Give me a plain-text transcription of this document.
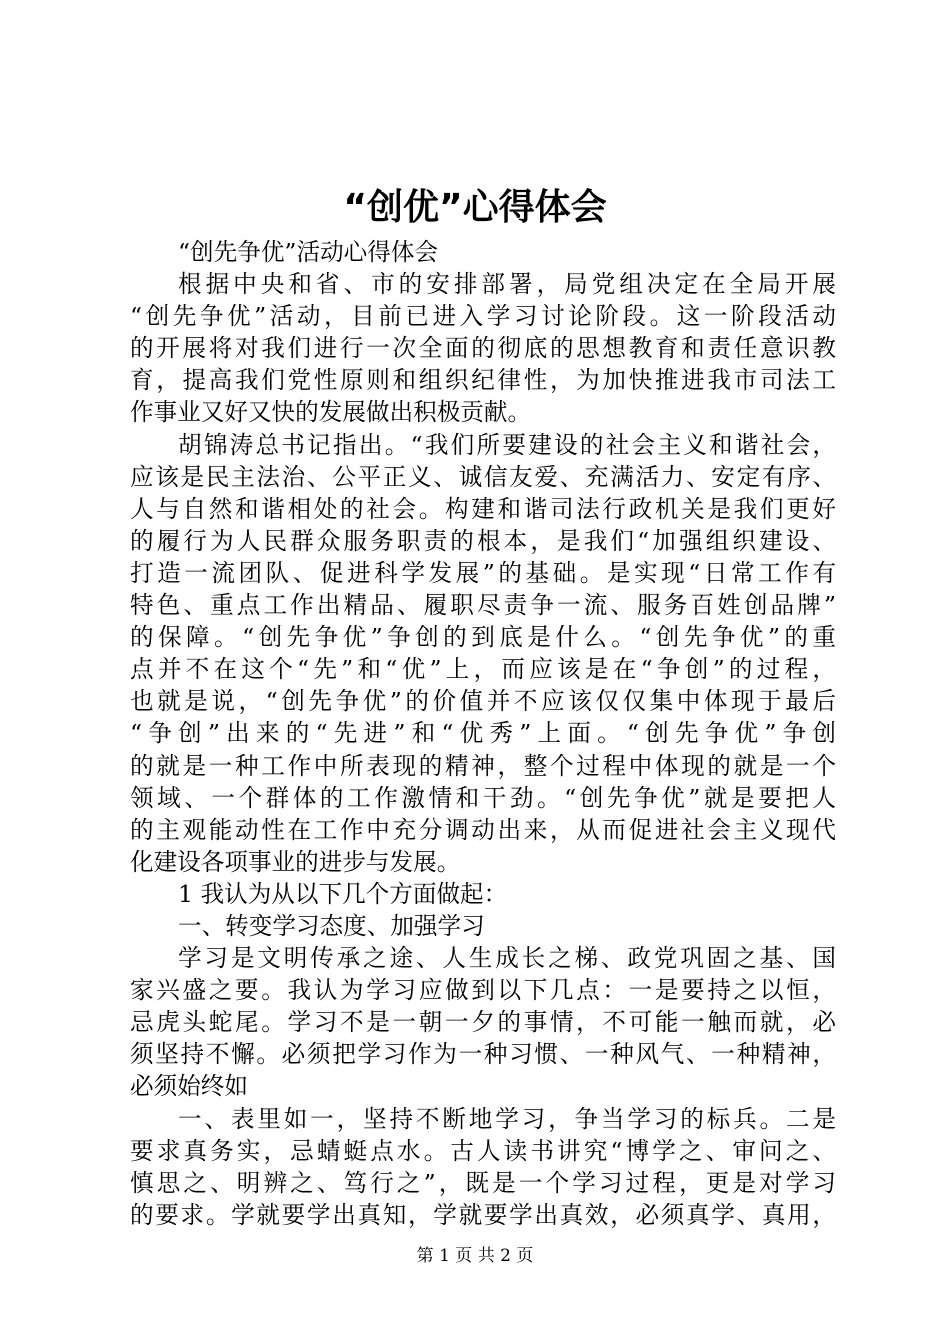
“创优”心得体会
“创先争优”活动心得体会
根据中央和省、市的安排部署，局党组决定在全局开展
“创先争优”活动，目前已进入学习讨论阶段。这一阶段活动
的开展将对我们进行一次全面的彻底的思想教育和责任意识教
育，提高我们党性原则和组织纪律性，为加快推进我市司法工
作事业又好又快的发展做出积极贡献。
胡锦涛总书记指出。“我们所要建设的社会主义和谐社会，
应该是民主法治、公平正义、诚信友爱、充满活力、安定有序、
人与自然和谐相处的社会。构建和谐司法行政机关是我们更好
的履行为人民群众服务职责的根本，是我们“加强组织建设、
打造一流团队、促进科学发展”的基础。是实现“日常工作有
特色、重点工作出精品、履职尽责争一流、服务百姓创品牌”
的保障。“创先争优”争创的到底是什么。“创先争优”的重
点并不在这个“先”和“优”上，而应该是在“争创”的过程，
也就是说，“创先争优”的价值并不应该仅仅集中体现于最后
“争创”出来的“先进”和“优秀”上面。“创先争优”争创
的就是一种工作中所表现的精神，整个过程中体现的就是一个
领域、一个群体的工作激情和干劲。“创先争优”就是要把人
的主观能动性在工作中充分调动出来，从而促进社会主义现代
化建设各项事业的进步与发展。
1 我认为从以下几个方面做起：
一、转变学习态度、加强学习
学习是文明传承之途、人生成长之梯、政党巩固之基、国
家兴盛之要。我认为学习应做到以下几点：一是要持之以恒，
忌虎头蛇尾。学习不是一朝一夕的事情，不可能一触而就，必
须坚持不懈。必须把学习作为一种习惯、一种风气、一种精神，
必须始终如
一、表里如一，坚持不断地学习，争当学习的标兵。二是
要求真务实，忌蜻蜓点水。古人读书讲究“博学之、审问之、
慎思之、明辨之、笃行之”，既是一个学习过程，更是对学习
的要求。学就要学出真知，学就要学出真效，必须真学、真用，
第 1 页 共 2 页
